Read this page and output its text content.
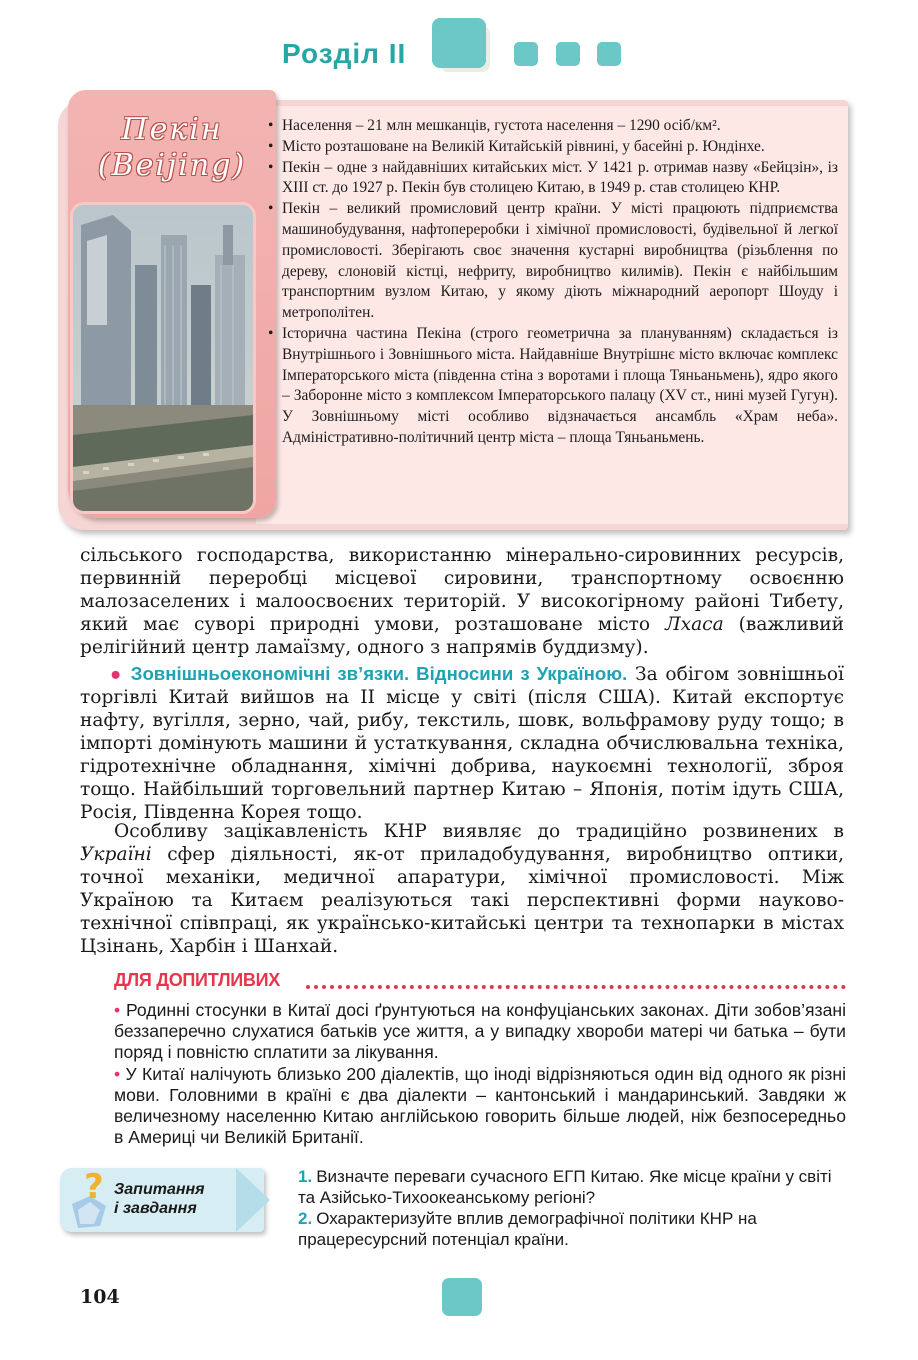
Розділ II
Пекін
(Beijing)
• Населення – 21 млн мешканців, густота населення – 1290 осіб/км².
• Місто розташоване на Великій Китайській рівнині, у басейні р. Юндінхе.
• Пекін – одне з найдавніших китайських міст. У 1421 р. отримав назву «Бейцзін», із XIII ст. до 1927 р. Пекін був столицею Китаю, в 1949 р. став столицею КНР.
• Пекін – великий промисловий центр країни. У місті працюють підприємства машинобудування, нафтопереробки і хімічної промисловості, будівельної й легкої промисловості. Зберігають своє значення кустарні виробництва (різьблення по дереву, слоновій кістці, нефриту, виробництво килимів). Пекін є найбільшим транспортним вузлом Китаю, у якому діють міжнародний аеропорт Шоуду і метрополітен.
• Історична частина Пекіна (строго геометрична за плануванням) складається із Внутрішнього і Зовнішнього міста. Найдавніше Внутрішнє місто включає комплекс Імператорського міста (південна стіна з воротами і площа Тяньаньмень), ядро якого – Заборонне місто з комплексом Імператорського палацу (XV ст., нині музей Гугун). У Зовнішньому місті особливо відзначається ансамбль «Храм неба». Адміністративно-політичний центр міста – площа Тяньаньмень.

сільського господарства, використанню мінерально-сировинних ресурсів, первинній переробці місцевої сировини, транспортному освоєнню малозаселених і малоосвоєних територій. У високогірному районі Тибету, який має суворі природні умови, розташоване місто Лхаса (важливий релігійний центр ламаїзму, одного з напрямів буддизму).

● Зовнішньоекономічні зв’язки. Відносини з Україною. За обігом зовнішньої торгівлі Китай вийшов на II місце у світі (після США). Китай експортує нафту, вугілля, зерно, чай, рибу, текстиль, шовк, вольфрамову руду тощо; в імпорті домінують машини й устаткування, складна обчислювальна техніка, гідротехнічне обладнання, хімічні добрива, наукоємні технології, зброя тощо. Найбільший торговельний партнер Китаю – Японія, потім ідуть США, Росія, Південна Корея тощо.

Особливу зацікавленість КНР виявляє до традиційно розвинених в Україні сфер діяльності, як-от приладобудування, виробництво оптики, точної механіки, медичної апаратури, хімічної промисловості. Між Україною та Китаєм реалізуються такі перспективні форми науково-технічної співпраці, як українсько-китайські центри та технопарки в містах Цзінань, Харбін і Шанхай.

ДЛЯ ДОПИТЛИВИХ

• Родинні стосунки в Китаї досі ґрунтуються на конфуціанських законах. Діти зобов’язані беззаперечно слухатися батьків усе життя, а у випадку хвороби матері чи батька – бути поряд і повністю сплатити за лікування.

• У Китаї налічують близько 200 діалектів, що іноді відрізняються один від одного як різні мови. Головними в країні є два діалекти – кантонський і мандаринський. Завдяки ж величезному населенню Китаю англійською говорить більше людей, ніж безпосередньо в Америці чи Великій Британії.

? Запитання
і завдання
1. Визначте переваги сучасного ЕГП Китаю. Яке місце країни у світі та Азійсько-Тихоокеанському регіоні?
2. Охарактеризуйте вплив демографічної політики КНР на працересурсний потенціал країни.
104
